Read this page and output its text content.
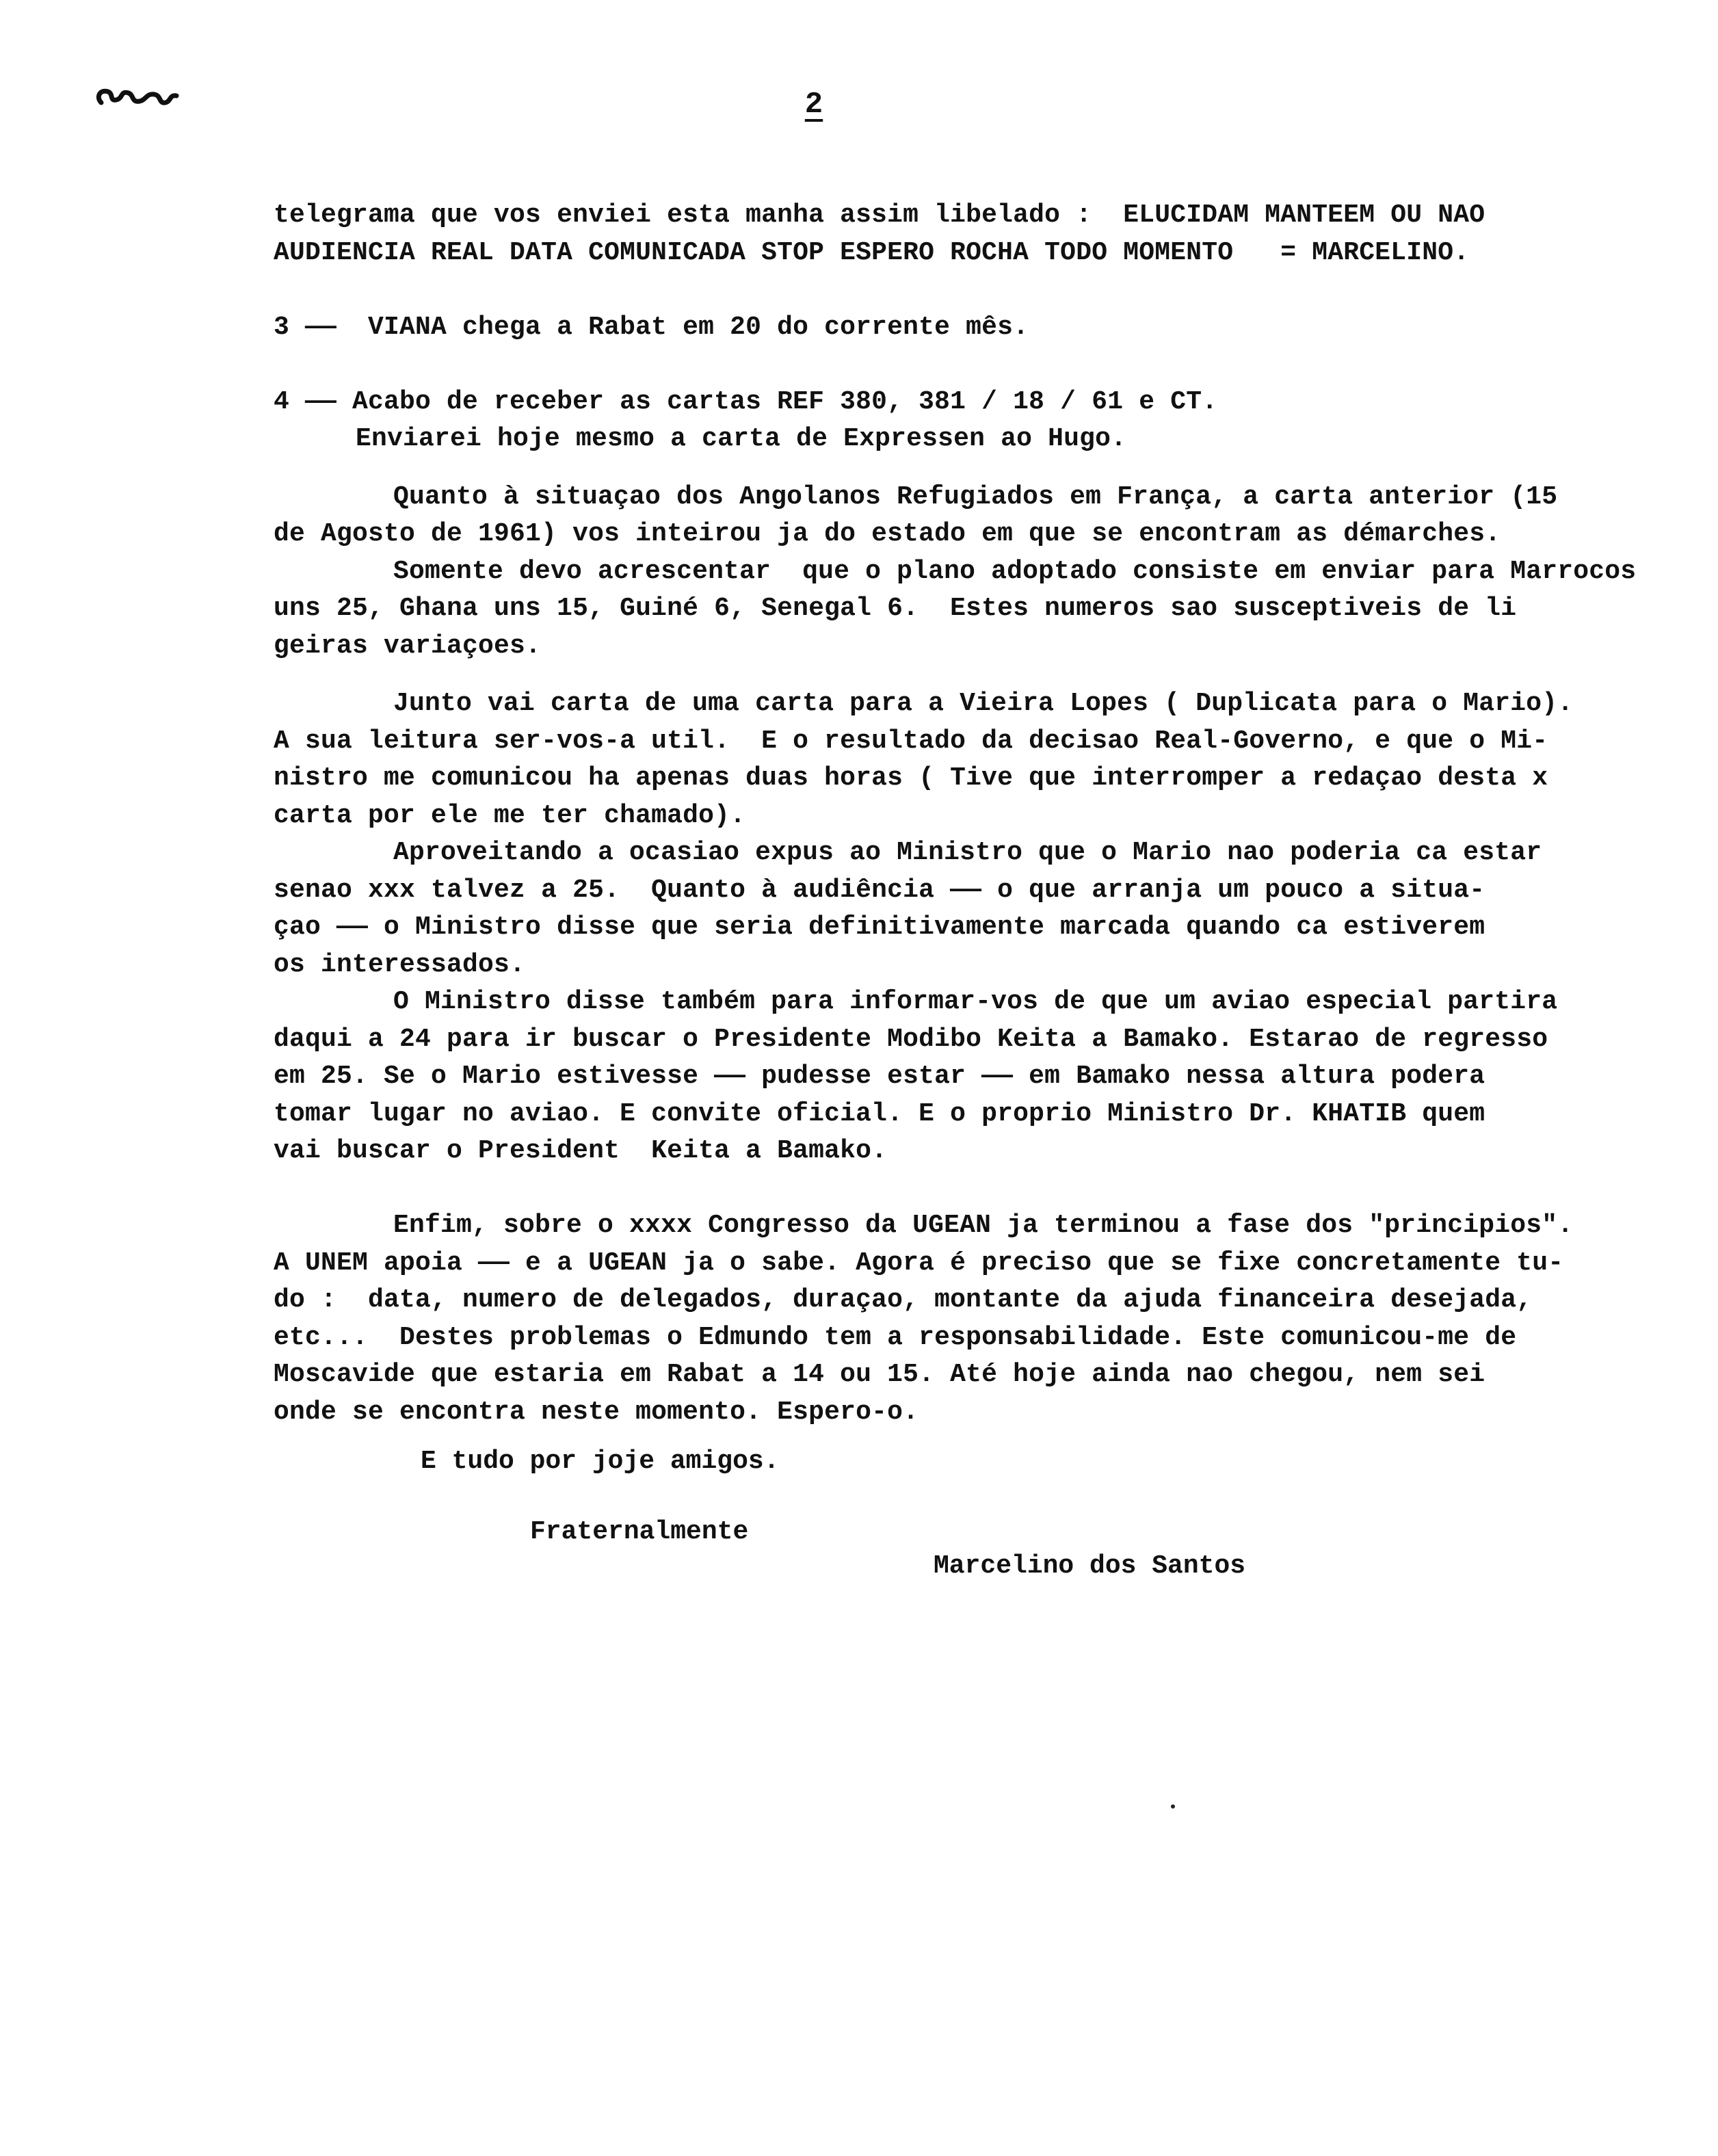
2
telegrama que vos enviei esta manha assim libelado :  ELUCIDAM MANTEEM OU NAO
AUDIENCIA REAL DATA COMUNICADA STOP ESPERO ROCHA TODO MOMENTO   = MARCELINO.
3 ——  VIANA chega a Rabat em 20 do corrente mês.
4 —— Acabo de receber as cartas REF 380, 381 / 18 / 61 e CT.
Enviarei hoje mesmo a carta de Expressen ao Hugo.
Quanto à situaçao dos Angolanos Refugiados em França, a carta anterior (15
de Agosto de 1961) vos inteirou ja do estado em que se encontram as démarches.
Somente devo acrescentar  que o plano adoptado consiste em enviar para Marrocos
uns 25, Ghana uns 15, Guiné 6, Senegal 6.  Estes numeros sao susceptiveis de li
geiras variaçoes.
Junto vai carta de uma carta para a Vieira Lopes ( Duplicata para o Mario).
A sua leitura ser-vos-a util.  E o resultado da decisao Real-Governo, e que o Mi-
nistro me comunicou ha apenas duas horas ( Tive que interromper a redaçao desta x
carta por ele me ter chamado).
Aproveitando a ocasiao expus ao Ministro que o Mario nao poderia ca estar
senao xxx talvez a 25.  Quanto à audiência —— o que arranja um pouco a situa-
çao —— o Ministro disse que seria definitivamente marcada quando ca estiverem
os interessados.
O Ministro disse também para informar-vos de que um aviao especial partira
daqui a 24 para ir buscar o Presidente Modibo Keita a Bamako. Estarao de regresso
em 25. Se o Mario estivesse —— pudesse estar —— em Bamako nessa altura podera
tomar lugar no aviao. E convite oficial. E o proprio Ministro Dr. KHATIB quem
vai buscar o President  Keita a Bamako.
Enfim, sobre o xxxx Congresso da UGEAN ja terminou a fase dos "principios".
A UNEM apoia —— e a UGEAN ja o sabe. Agora é preciso que se fixe concretamente tu-
do :  data, numero de delegados, duraçao, montante da ajuda financeira desejada,
etc...  Destes problemas o Edmundo tem a responsabilidade. Este comunicou-me de
Moscavide que estaria em Rabat a 14 ou 15. Até hoje ainda nao chegou, nem sei
onde se encontra neste momento. Espero-o.
E tudo por joje amigos.
Fraternalmente
Marcelino dos Santos
